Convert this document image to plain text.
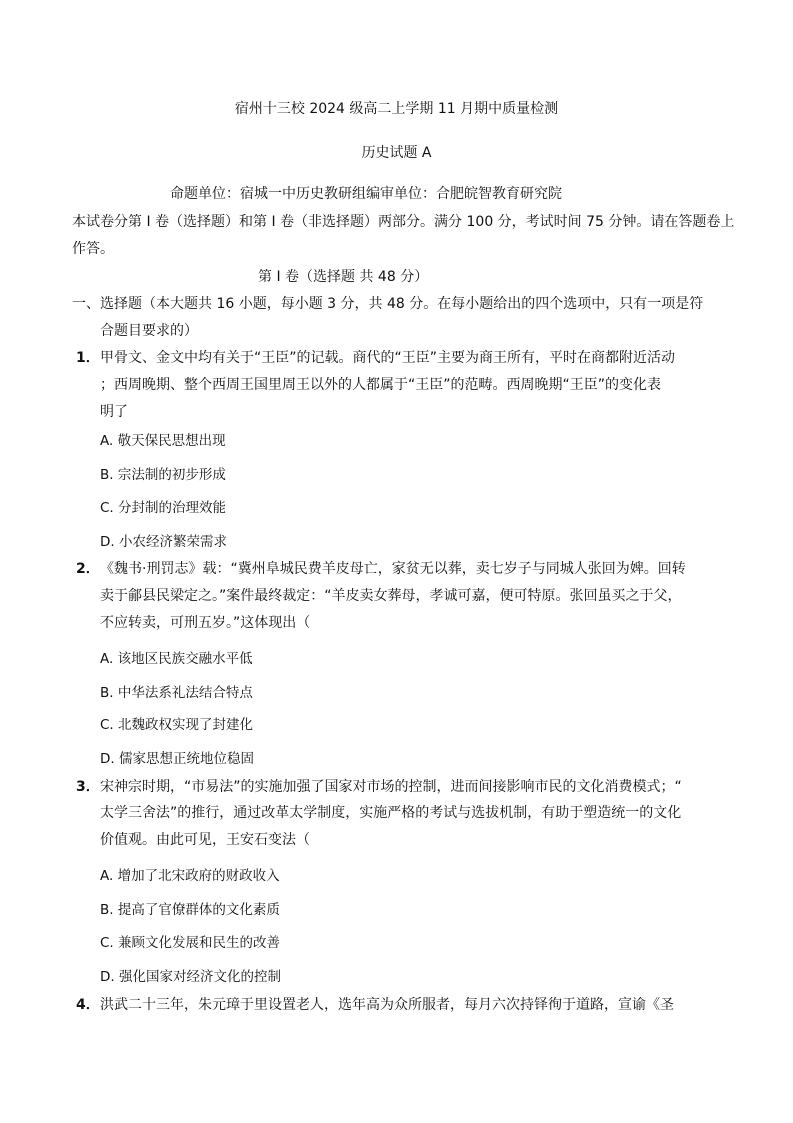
宿州十三校 2024 级高二上学期 11 月期中质量检测
历史试题 A
命题单位：宿城一中历史教研组编审单位：合肥皖智教育研究院
本试卷分第 I 卷（选择题）和第 I 卷（非选择题）两部分。满分 100 分，考试时间 75 分钟。请在答题卷上
作答。
第 I 卷（选择题 共 48 分）
一、选择题（本大题共 16 小题，每小题 3 分，共 48 分。在每小题给出的四个选项中，只有一项是符
合题目要求的）
1． 甲骨文、金文中均有关于“王臣”的记载。商代的“王臣”主要为商王所有，平时在商都附近活动
；西周晚期、整个西周王国里周王以外的人都属于“王臣”的范畴。西周晚期“王臣”的变化表
明了
A. 敬天保民思想出现
B. 宗法制的初步形成
C. 分封制的治理效能
D. 小农经济繁荣需求
2． 《魏书·刑罚志》载：“冀州阜城民费羊皮母亡，家贫无以葬，卖七岁子与同城人张回为婢。回转
卖于鄃县民梁定之。”案件最终裁定：“羊皮卖女葬母，孝诚可嘉，便可特原。张回虽买之于父，
不应转卖，可刑五岁。”这体现出（
A. 该地区民族交融水平低
B. 中华法系礼法结合特点
C. 北魏政权实现了封建化
D. 儒家思想正统地位稳固
3． 宋神宗时期，“市易法”的实施加强了国家对市场的控制，进而间接影响市民的文化消费模式；“
太学三舍法”的推行，通过改革太学制度，实施严格的考试与选拔机制，有助于塑造统一的文化
价值观。由此可见，王安石变法（
A. 增加了北宋政府的财政收入
B. 提高了官僚群体的文化素质
C. 兼顾文化发展和民生的改善
D. 强化国家对经济文化的控制
4． 洪武二十三年，朱元璋于里设置老人，选年高为众所服者，每月六次持铎徇于道路，宣谕《圣
